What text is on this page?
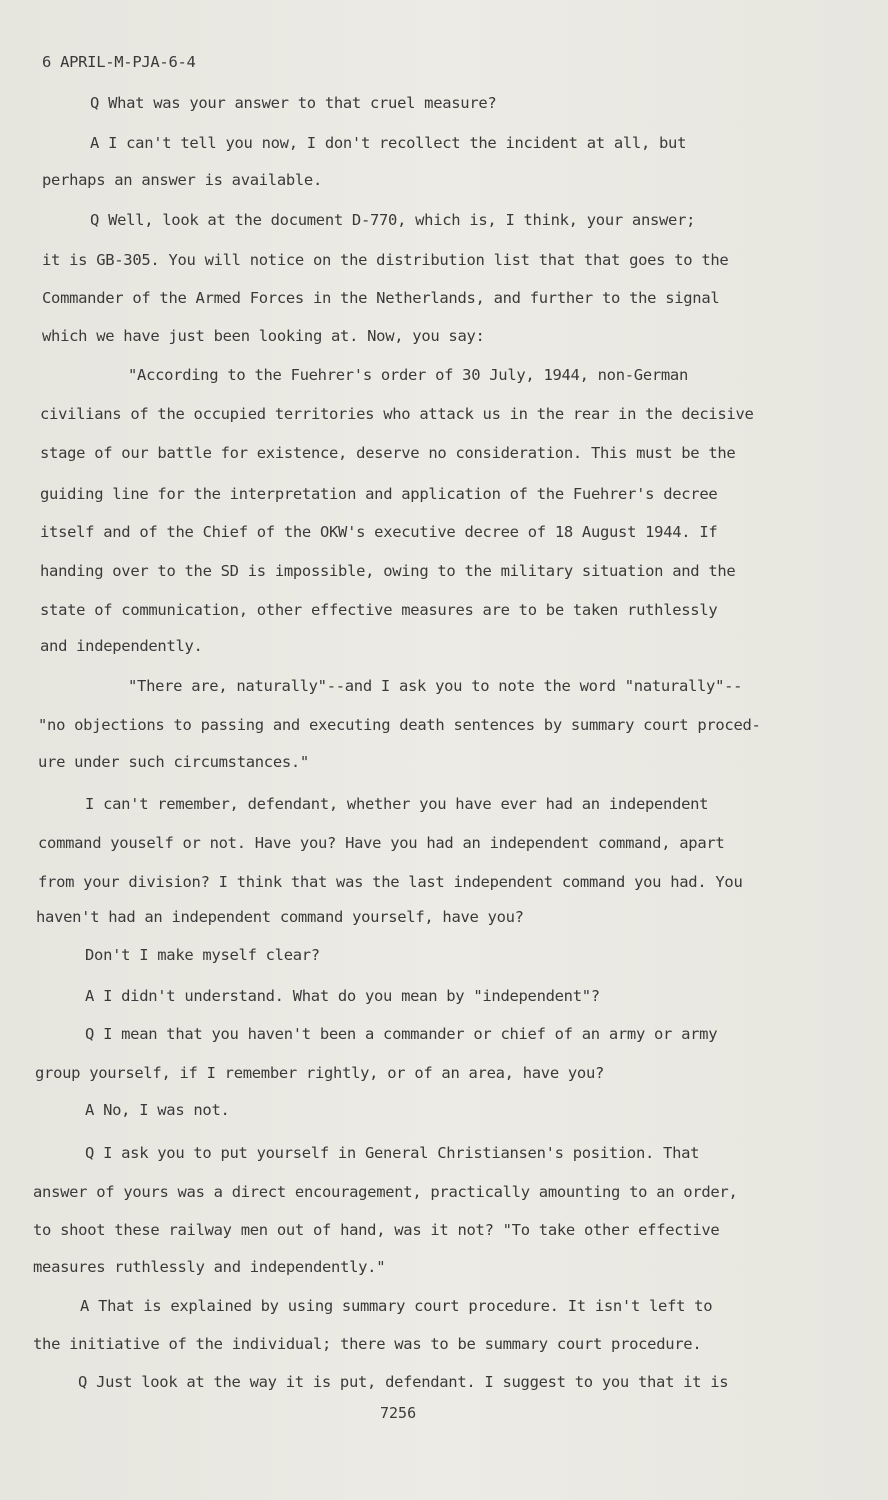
6 APRIL-M-PJA-6-4
Q What was your answer to that cruel measure?
A I can't tell you now, I don't recollect the incident at all, but
perhaps an answer is available.
Q Well, look at the document D-770, which is, I think, your answer;
it is GB-305. You will notice on the distribution list that that goes to the
Commander of the Armed Forces in the Netherlands, and further to the signal
which we have just been looking at. Now, you say:
"According to the Fuehrer's order of 30 July, 1944, non-German
civilians of the occupied territories who attack us in the rear in the decisive
stage of our battle for existence, deserve no consideration. This must be the
guiding line for the interpretation and application of the Fuehrer's decree
itself and of the Chief of the OKW's executive decree of 18 August 1944. If
handing over to the SD is impossible, owing to the military situation and the
state of communication, other effective measures are to be taken ruthlessly
and independently.
"There are, naturally"--and I ask you to note the word "naturally"--
"no objections to passing and executing death sentences by summary court proced-
ure under such circumstances."
I can't remember, defendant, whether you have ever had an independent
command youself or not. Have you? Have you had an independent command, apart
from your division? I think that was the last independent command you had. You
haven't had an independent command yourself, have you?
Don't I make myself clear?
A I didn't understand. What do you mean by "independent"?
Q I mean that you haven't been a commander or chief of an army or army
group yourself, if I remember rightly, or of an area, have you?
A No, I was not.
Q I ask you to put yourself in General Christiansen's position. That
answer of yours was a direct encouragement, practically amounting to an order,
to shoot these railway men out of hand, was it not? "To take other effective
measures ruthlessly and independently."
A That is explained by using summary court procedure. It isn't left to
the initiative of the individual; there was to be summary court procedure.
Q Just look at the way it is put, defendant. I suggest to you that it is
7256
